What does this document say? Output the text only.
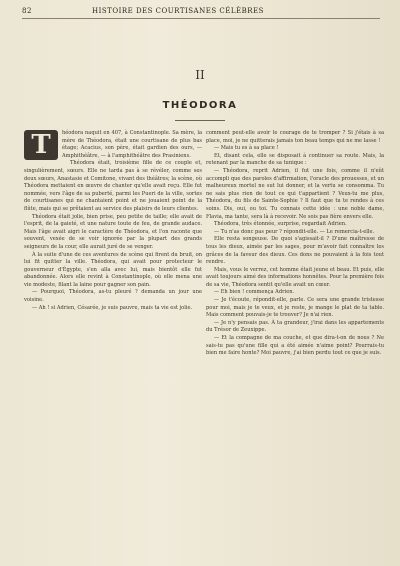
82	HISTOIRE DES COURTISANES CÉLÈBRES
II
THÉODORA

T	héodora naquit en 407, à Constantinople. Sa mère, la mère de Théodora, était une courtisane de plus bas étage; Acacius, son père, était gardien des ours, — Amphithéâtre, — à l'amphithéâtre des Prasiniens.

Théodora était, troisième fille de ce couple et, singulièrement, sœurs. Elle ne tarda pas à se révéler, comme ses deux sœurs, Anastasie et Comitone, vivant des théâtres; la scène, où Théodora mettaient en œuvre de chanter qu'elle avait reçu. Elle fut nommée, vers l'âge de sa puberté, parmi les Pueri de la ville, sortes de courtisanes qui ne chantaient point et ne jouaient point de la flûte, mais qui se prêtaient au service des plaisirs de leurs clientes.

Théodora était jolie, bien prise, peu petite de taille; elle avait de l'esprit, de la gaieté, et une nature toute de feu, de grande audace. Mais l'âge avait aigri le caractère de Théodora, et l'on raconte que souvent, vexée de se voir ignorée par la plupart des grands seigneurs de la cour, elle aurait juré de se venger.

À la suite d'une de ces aventures de scène qui firent du bruit, on lui fit quitter la ville. Théodora, qui avait pour protecteur le gouverneur d'Égypte, s'en alla avec lui, mais bientôt elle fut abandonnée. Alors elle revint à Constantinople, où elle mena une vie modeste, filant la laine pour gagner son pain.

— Pourquoi, Théodora, as-tu pleuré ? demanda un jour une voisine.

— Ah ! si Adrien, Césarée, je suis pauvre, mais ta vie est jolie.

comment peut-elle avoir le courage de te tromper ? Si j'étais à sa place, moi, je ne quitterais jamais ton beau temps qui ne me lasse !

— Mais tu es à sa place !

Et, disant cela, elle se disposait à continuer sa route. Mais, la retenant par la manche de sa tunique :

— Théodora, reprit Adrien, il fut une fois, comme il n'eût accompli que des paroles d'affirmation, l'oracle des prouesses, et un malheureux mortel ne sut lui donner, et la vertu se consomma. Tu ne sais plus rien de tout ce qui t'appartient ? Veux-tu me plus, Théodora, du fils de Sainte-Sophie ? Il faut que tu te rendes à ces soins. Dis, oui, ou toi. Tu connais cette idée : une noble dame, Flavia, ma tante, sera là à recevoir. Ne sois pas fière envers elle.

Théodora, très étonnée, surprise, regardait Adrien.

— Tu n'as donc pas peur ? répondit-elle. — Le remercia-t-elle.

Elle resta songeuse. De quoi s'agissait-il ? D'une maîtresse de tous les dieux, aimée par les sages, pour m'avoir fait connaître les grâces de la faveur des dieux. Ces dons ne pouvaient à la fois tout rendre.

Mais, vous le verrez, cet homme était jeune et beau. Et puis, elle avait toujours aimé des informations honnêtes. Pour la première fois de sa vie, Théodora sentit qu'elle avait un cœur.

— Eh bien ! commença Adrien.

— Je t'écoute, répondit-elle, parle. Ce sera une grande tristesse pour moi, mais je te veux, et je reste, je mange le plat de ta table. Mais comment pouvais-je te trouver? Je n'ai rien.

— Je n'y pensais pas. À ta grandeur, j'irai dans les appartements du Trésor de Zeuxippe.

— Et la compagne de ma couche, et que dira-t-on de nous ? Ne sais-tu pas qu'une fille qui a été aimée n'aime point? Pourrais-tu bien me faire honte? Moi pauvre, j'ai bien perdu tout ce que je suis.
